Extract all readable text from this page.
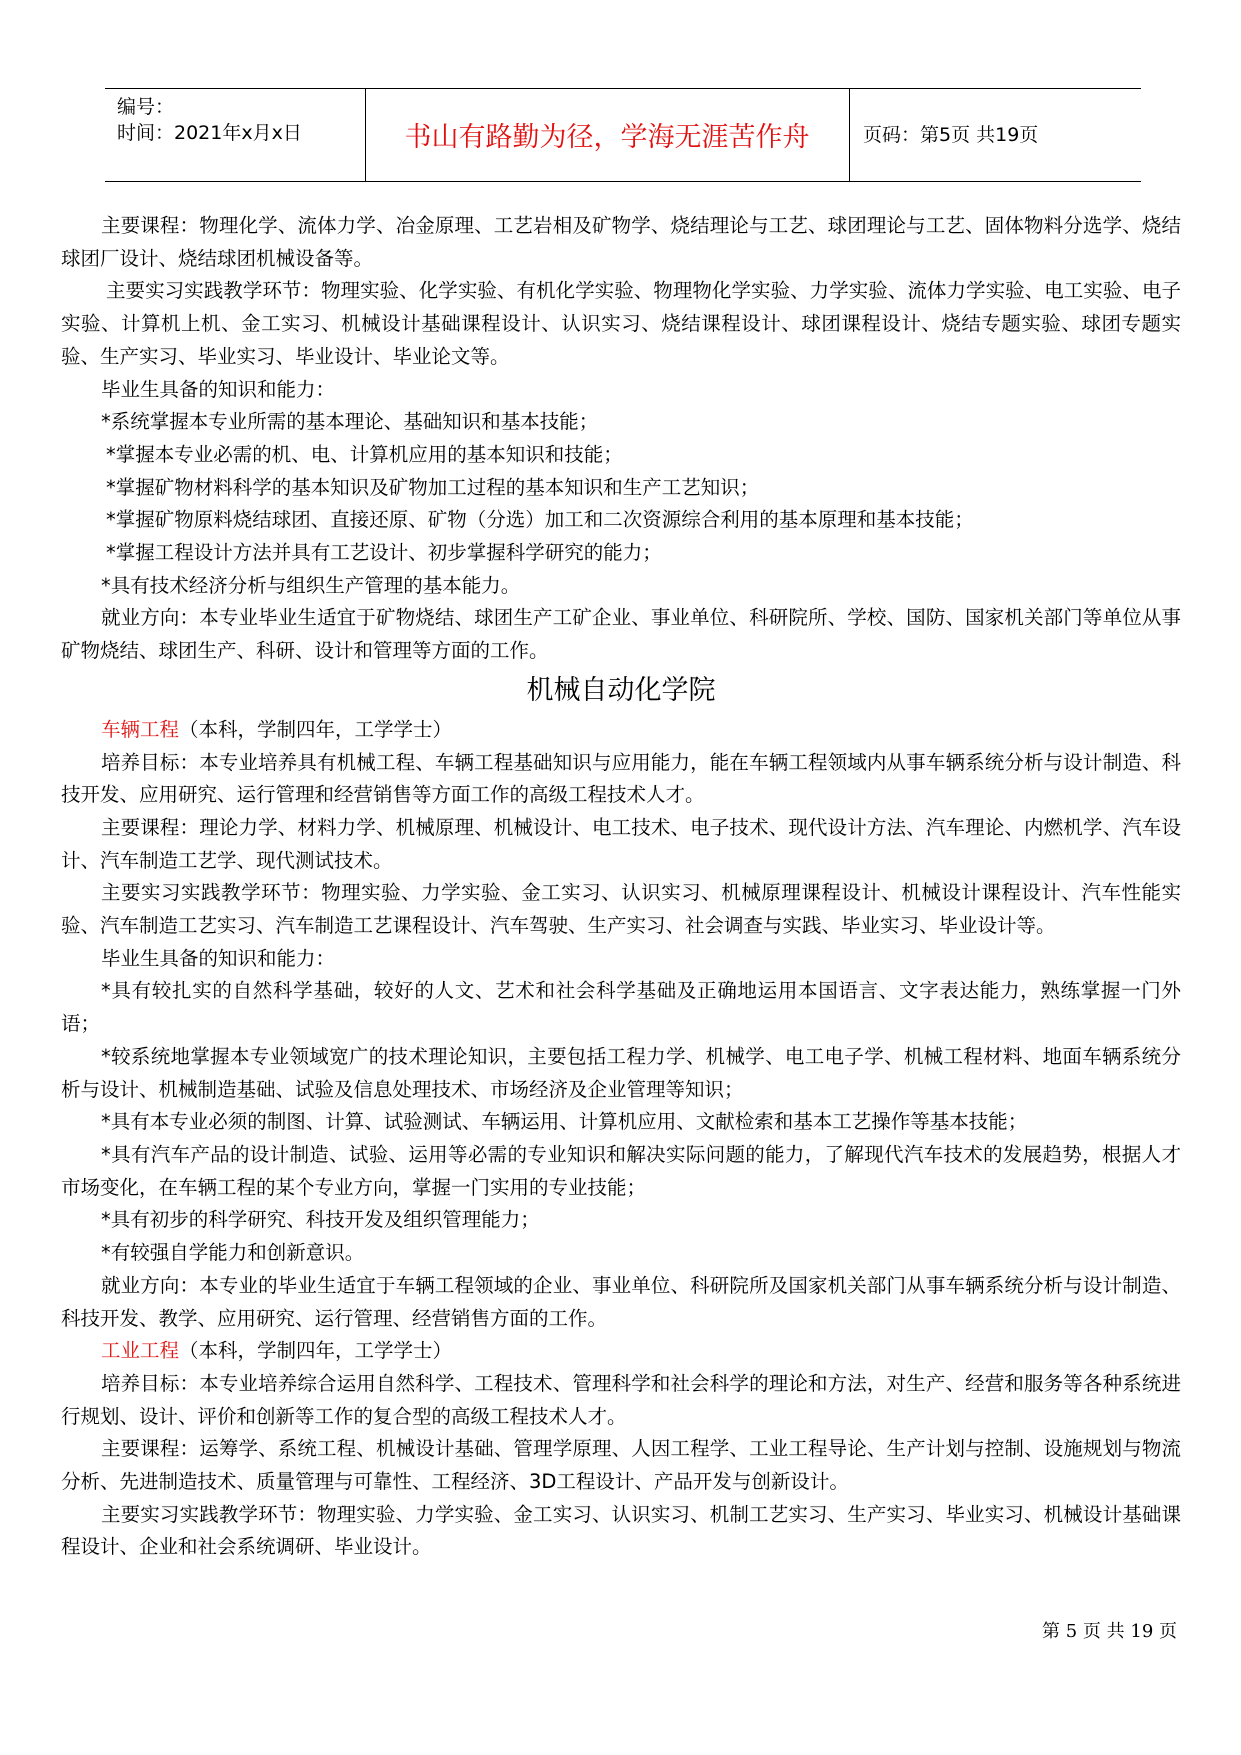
编号：
时间：2021年x月x日	书山有路勤为径，学海无涯苦作舟	页码：第5页 共19页

主要课程：物理化学、流体力学、冶金原理、工艺岩相及矿物学、烧结理论与工艺、球团理论与工艺、固体物料分选学、烧结球团厂设计、烧结球团机械设备等。

主要实习实践教学环节：物理实验、化学实验、有机化学实验、物理物化学实验、力学实验、流体力学实验、电工实验、电子实验、计算机上机、金工实习、机械设计基础课程设计、认识实习、烧结课程设计、球团课程设计、烧结专题实验、球团专题实验、生产实习、毕业实习、毕业设计、毕业论文等。

毕业生具备的知识和能力：

*系统掌握本专业所需的基本理论、基础知识和基本技能；

*掌握本专业必需的机、电、计算机应用的基本知识和技能；

*掌握矿物材料科学的基本知识及矿物加工过程的基本知识和生产工艺知识；

*掌握矿物原料烧结球团、直接还原、矿物（分选）加工和二次资源综合利用的基本原理和基本技能；

*掌握工程设计方法并具有工艺设计、初步掌握科学研究的能力；

*具有技术经济分析与组织生产管理的基本能力。

就业方向：本专业毕业生适宜于矿物烧结、球团生产工矿企业、事业单位、科研院所、学校、国防、国家机关部门等单位从事矿物烧结、球团生产、科研、设计和管理等方面的工作。

机械自动化学院

车辆工程（本科，学制四年，工学学士）

培养目标：本专业培养具有机械工程、车辆工程基础知识与应用能力，能在车辆工程领域内从事车辆系统分析与设计制造、科技开发、应用研究、运行管理和经营销售等方面工作的高级工程技术人才。

主要课程：理论力学、材料力学、机械原理、机械设计、电工技术、电子技术、现代设计方法、汽车理论、内燃机学、汽车设计、汽车制造工艺学、现代测试技术。

主要实习实践教学环节：物理实验、力学实验、金工实习、认识实习、机械原理课程设计、机械设计课程设计、汽车性能实验、汽车制造工艺实习、汽车制造工艺课程设计、汽车驾驶、生产实习、社会调查与实践、毕业实习、毕业设计等。

毕业生具备的知识和能力：

*具有较扎实的自然科学基础，较好的人文、艺术和社会科学基础及正确地运用本国语言、文字表达能力，熟练掌握一门外语；

*较系统地掌握本专业领域宽广的技术理论知识，主要包括工程力学、机械学、电工电子学、机械工程材料、地面车辆系统分析与设计、机械制造基础、试验及信息处理技术、市场经济及企业管理等知识；

*具有本专业必须的制图、计算、试验测试、车辆运用、计算机应用、文献检索和基本工艺操作等基本技能；

*具有汽车产品的设计制造、试验、运用等必需的专业知识和解决实际问题的能力，了解现代汽车技术的发展趋势，根据人才市场变化，在车辆工程的某个专业方向，掌握一门实用的专业技能；

*具有初步的科学研究、科技开发及组织管理能力；

*有较强自学能力和创新意识。

就业方向：本专业的毕业生适宜于车辆工程领域的企业、事业单位、科研院所及国家机关部门从事车辆系统分析与设计制造、科技开发、教学、应用研究、运行管理、经营销售方面的工作。

工业工程（本科，学制四年，工学学士）

培养目标：本专业培养综合运用自然科学、工程技术、管理科学和社会科学的理论和方法，对生产、经营和服务等各种系统进行规划、设计、评价和创新等工作的复合型的高级工程技术人才。

主要课程：运筹学、系统工程、机械设计基础、管理学原理、人因工程学、工业工程导论、生产计划与控制、设施规划与物流分析、先进制造技术、质量管理与可靠性、工程经济、3D工程设计、产品开发与创新设计。

主要实习实践教学环节：物理实验、力学实验、金工实习、认识实习、机制工艺实习、生产实习、毕业实习、机械设计基础课程设计、企业和社会系统调研、毕业设计。

第 5 页 共 19 页
